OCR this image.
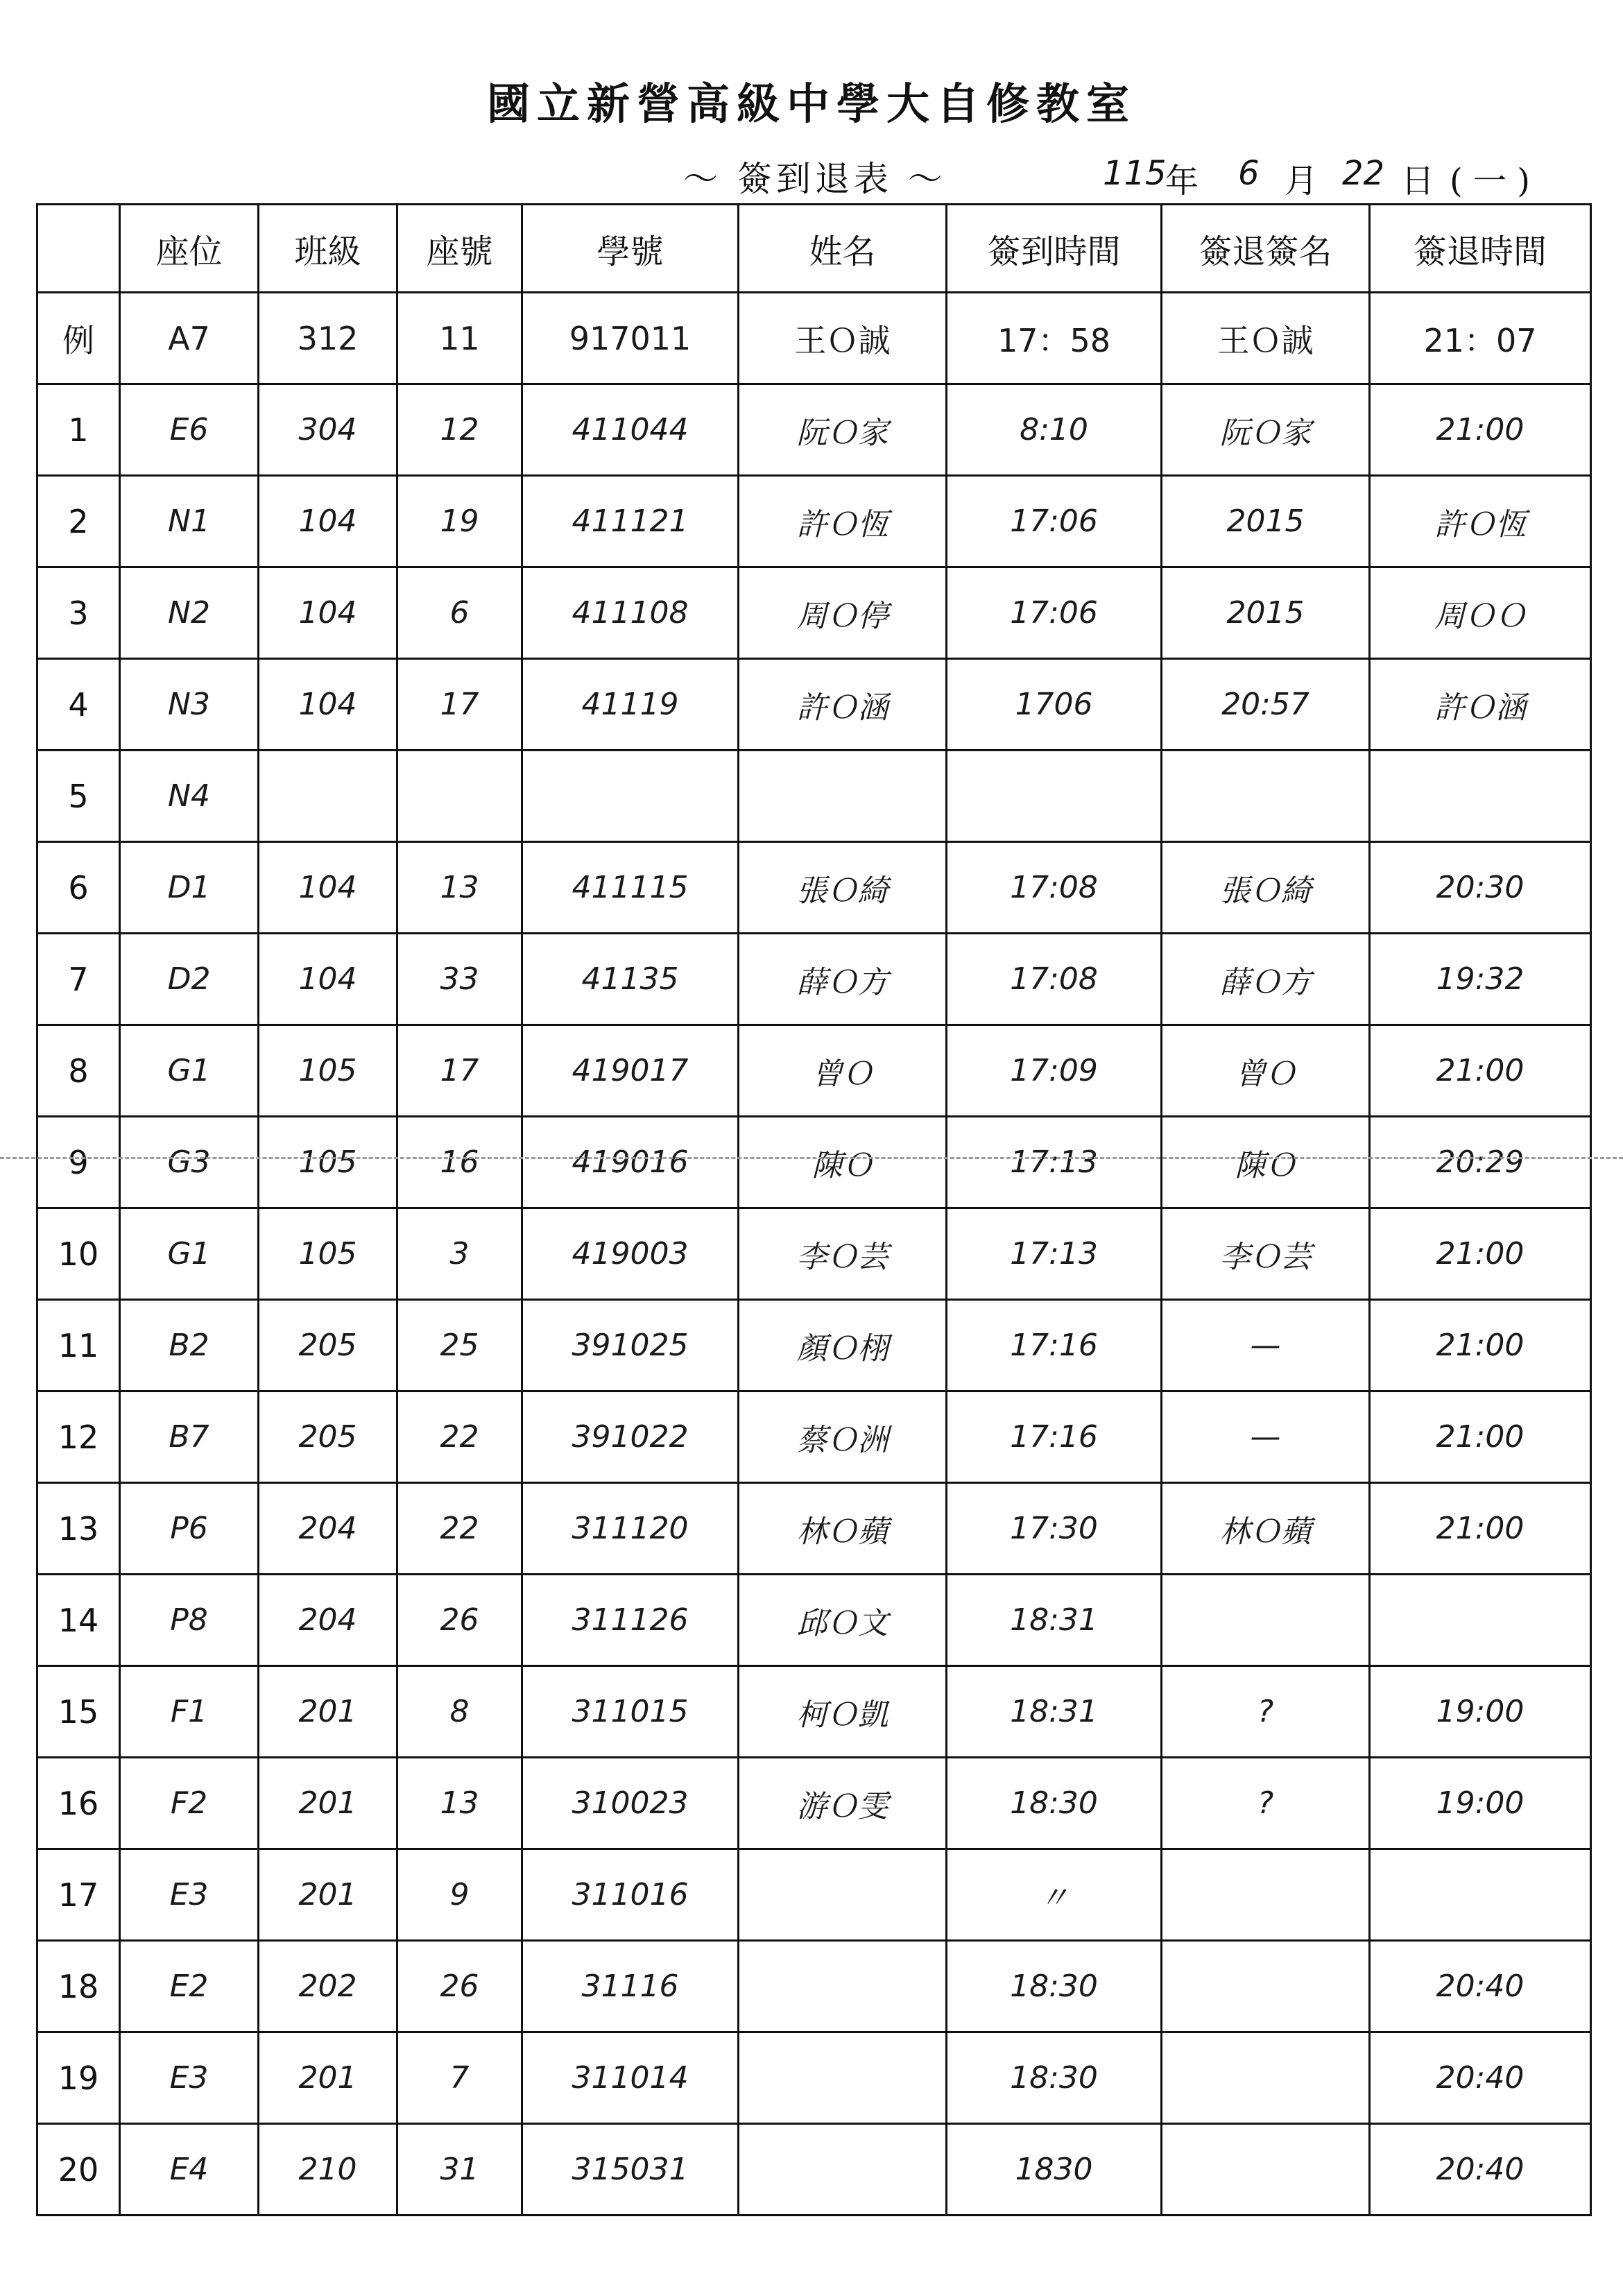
國立新營高級中學大自修教室
～ 簽到退表 ～	115
年 6 月 22 日 ( 一 )
	座位	班級	座號	學號	姓名	簽到時間	簽退簽名	簽退時間
例	A7	312	11	917011	王Ｏ誠	17：58	王Ｏ誠	21：07
1	E6	304	12	411044	阮Ｏ家	8:10	阮Ｏ家	21:00
2	N1	104	19	411121	許Ｏ恆	17:06	2015	許Ｏ恆
3	N2	104	6	411108	周Ｏ停	17:06	2015	周ＯＯ
4	N3	104	17	41119	許Ｏ涵	1706	20:57	許Ｏ涵
5	N4							
6	D1	104	13	411115	張Ｏ綺	17:08	張Ｏ綺	20:30
7	D2	104	33	41135	薛Ｏ方	17:08	薛Ｏ方	19:32
8	G1	105	17	419017	曾Ｏ	17:09	曾Ｏ	21:00
9	G3	105	16	419016	陳Ｏ	17:13	陳Ｏ	20:29
10	G1	105	3	419003	李Ｏ芸	17:13	李Ｏ芸	21:00
11	B2	205	25	391025	顏Ｏ栩	17:16	—	21:00
12	B7	205	22	391022	蔡Ｏ洲	17:16	—	21:00
13	P6	204	22	311120	林Ｏ蘋	17:30	林Ｏ蘋	21:00
14	P8	204	26	311126	邱Ｏ文	18:31		
15	F1	201	8	311015	柯Ｏ凱	18:31	?	19:00
16	F2	201	13	310023	游Ｏ雯	18:30	?	19:00
17	E3	201	9	311016		〃		
18	E2	202	26	31116		18:30		20:40
19	E3	201	7	311014		18:30		20:40
20	E4	210	31	315031		1830		20:40
